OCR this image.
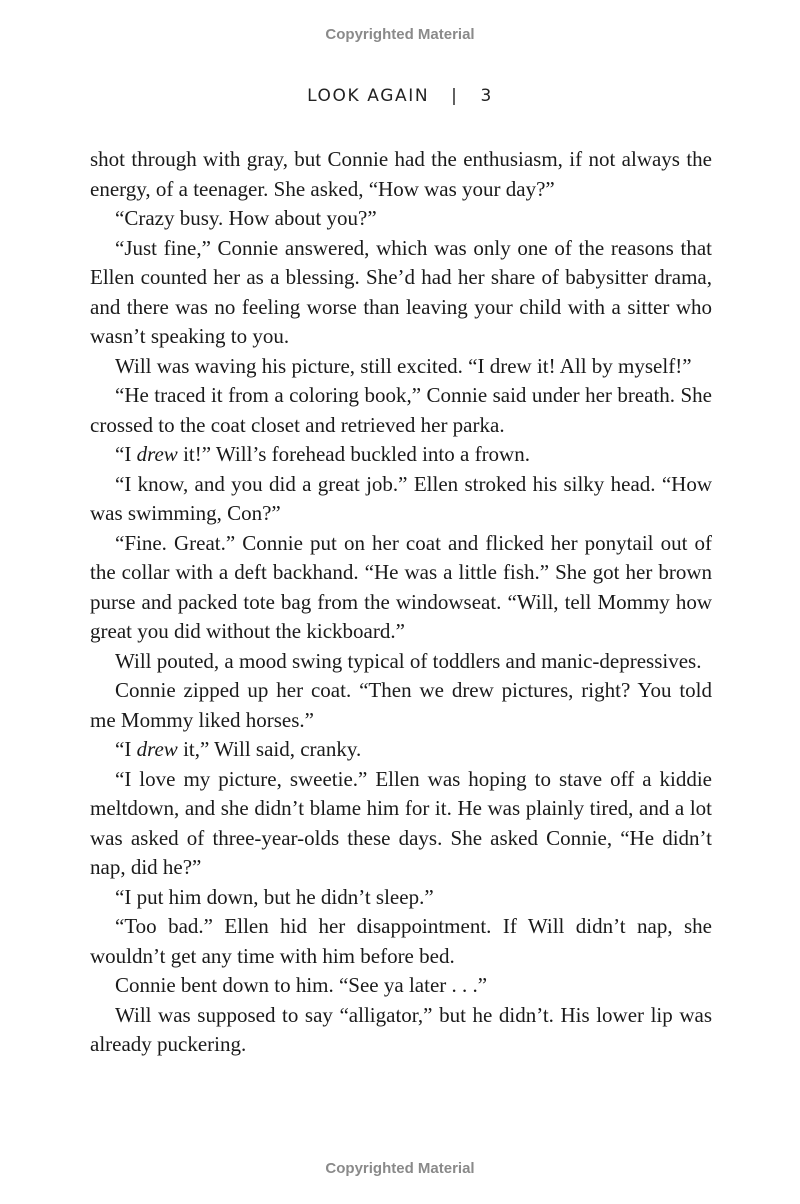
Copyrighted Material
LOOK AGAIN | 3

shot through with gray, but Connie had the enthusiasm, if not always the energy, of a teenager. She asked, “How was your day?”

“Crazy busy. How about you?”

“Just fine,” Connie answered, which was only one of the reasons that Ellen counted her as a blessing. She’d had her share of babysitter drama, and there was no feeling worse than leaving your child with a sitter who wasn’t speaking to you.

Will was waving his picture, still excited. “I drew it! All by myself!”

“He traced it from a coloring book,” Connie said under her breath. She crossed to the coat closet and retrieved her parka.

“I drew it!” Will’s forehead buckled into a frown.

“I know, and you did a great job.” Ellen stroked his silky head. “How was swimming, Con?”

“Fine. Great.” Connie put on her coat and flicked her ponytail out of the collar with a deft backhand. “He was a little fish.” She got her brown purse and packed tote bag from the windowseat. “Will, tell Mommy how great you did without the kickboard.”

Will pouted, a mood swing typical of toddlers and manic-depressives.

Connie zipped up her coat. “Then we drew pictures, right? You told me Mommy liked horses.”

“I drew it,” Will said, cranky.

“I love my picture, sweetie.” Ellen was hoping to stave off a kiddie meltdown, and she didn’t blame him for it. He was plainly tired, and a lot was asked of three-year-olds these days. She asked Connie, “He didn’t nap, did he?”

“I put him down, but he didn’t sleep.”

“Too bad.” Ellen hid her disappointment. If Will didn’t nap, she wouldn’t get any time with him before bed.

Connie bent down to him. “See ya later . . .”

Will was supposed to say “alligator,” but he didn’t. His lower lip was already puckering.

Copyrighted Material
